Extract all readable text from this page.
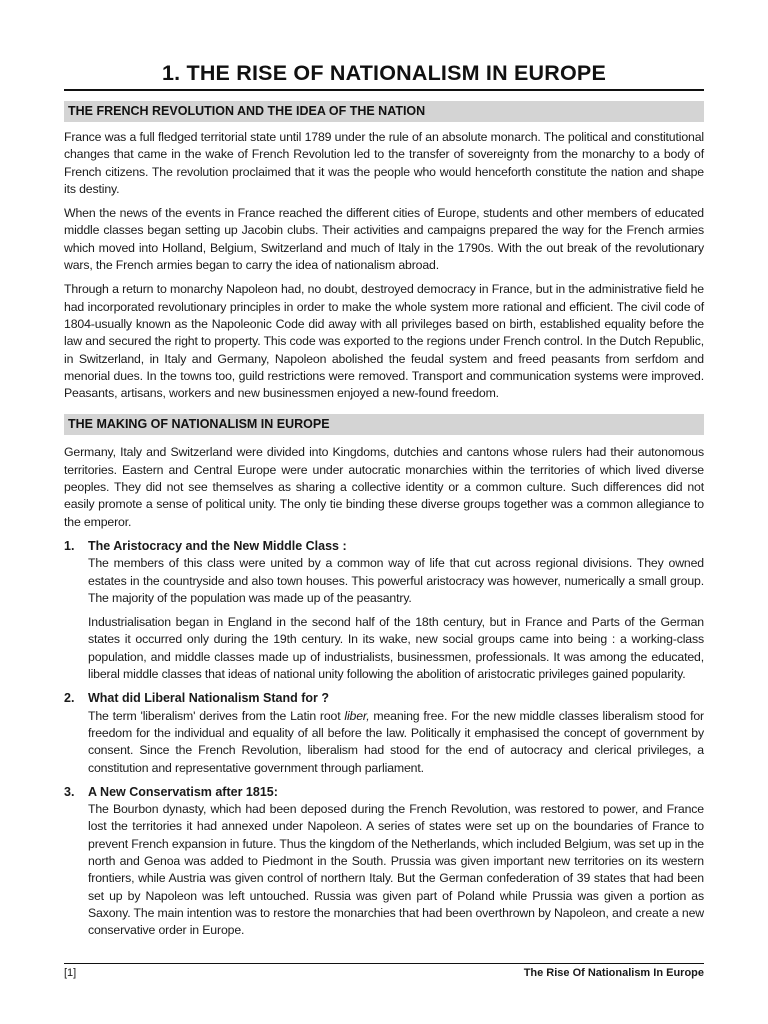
1. THE RISE OF NATIONALISM IN EUROPE
THE FRENCH REVOLUTION AND THE IDEA OF THE NATION

France was a full fledged territorial state until 1789 under the rule of an absolute monarch. The political and constitutional changes that came in the wake of French Revolution led to the transfer of sovereignty from the monarchy to a body of French citizens. The revolution proclaimed that it was the people who would henceforth constitute the nation and shape its destiny.

When the news of the events in France reached the different cities of Europe, students and other members of educated middle classes began setting up Jacobin clubs. Their activities and campaigns prepared the way for the French armies which moved into Holland, Belgium, Switzerland and much of Italy in the 1790s. With the out break of the revolutionary wars, the French armies began to carry the idea of nationalism abroad.

Through a return to monarchy Napoleon had, no doubt, destroyed democracy in France, but in the administrative field he had incorporated revolutionary principles in order to make the whole system more rational and efficient. The civil code of 1804-usually known as the Napoleonic Code did away with all privileges based on birth, established equality before the law and secured the right to property. This code was exported to the regions under French control. In the Dutch Republic, in Switzerland, in Italy and Germany, Napoleon abolished the feudal system and freed peasants from serfdom and menorial dues. In the towns too, guild restrictions were removed. Transport and communication systems were improved. Peasants, artisans, workers and new businessmen enjoyed a new-found freedom.

THE MAKING OF NATIONALISM IN EUROPE

Germany, Italy and Switzerland were divided into Kingdoms, dutchies and cantons whose rulers had their autonomous territories. Eastern and Central Europe were under autocratic monarchies within the territories of which lived diverse peoples. They did not see themselves as sharing a collective identity or a common culture. Such differences did not easily promote a sense of political unity. The only tie binding these diverse groups together was a common allegiance to the emperor.

1. The Aristocracy and the New Middle Class :

The members of this class were united by a common way of life that cut across regional divisions. They owned estates in the countryside and also town houses. This powerful aristocracy was however, numerically a small group. The majority of the population was made up of the peasantry.

Industrialisation began in England in the second half of the 18th century, but in France and Parts of the German states it occurred only during the 19th century. In its wake, new social groups came into being : a working-class population, and middle classes made up of industrialists, businessmen, professionals. It was among the educated, liberal middle classes that ideas of national unity following the abolition of aristocratic privileges gained popularity.

2. What did Liberal Nationalism Stand for ?

The term 'liberalism' derives from the Latin root liber, meaning free. For the new middle classes liberalism stood for freedom for the individual and equality of all before the law. Politically it emphasised the concept of government by consent. Since the French Revolution, liberalism had stood for the end of autocracy and clerical privileges, a constitution and representative government through parliament.

3. A New Conservatism after 1815:

The Bourbon dynasty, which had been deposed during the French Revolution, was restored to power, and France lost the territories it had annexed under Napoleon. A series of states were set up on the boundaries of France to prevent French expansion in future. Thus the kingdom of the Netherlands, which included Belgium, was set up in the north and Genoa was added to Piedmont in the South. Prussia was given important new territories on its western frontiers, while Austria was given control of northern Italy. But the German confederation of 39 states that had been set up by Napoleon was left untouched. Russia was given part of Poland while Prussia was given a portion as Saxony. The main intention was to restore the monarchies that had been overthrown by Napoleon, and create a new conservative order in Europe.

[1]	The Rise Of Nationalism In Europe
